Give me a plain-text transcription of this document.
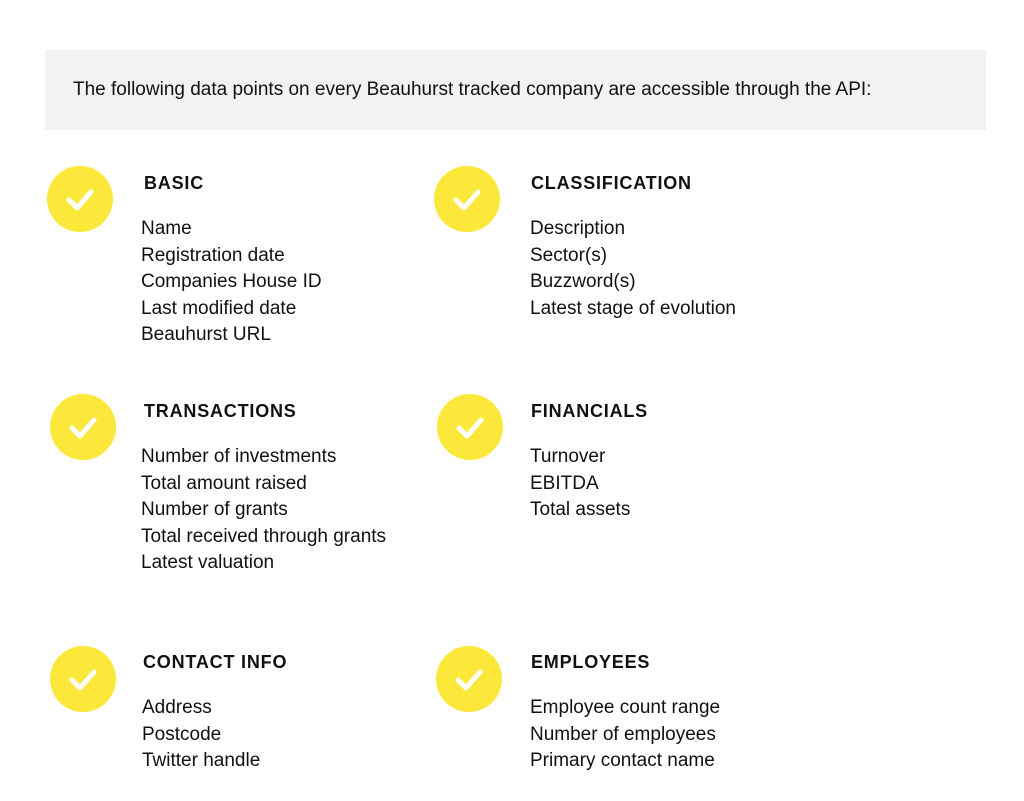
The following data points on every Beauhurst tracked company are accessible through the API:
BASIC
Name
Registration date
Companies House ID
Last modified date
Beauhurst URL
CLASSIFICATION
Description
Sector(s)
Buzzword(s)
Latest stage of evolution
TRANSACTIONS
Number of investments
Total amount raised
Number of grants
Total received through grants
Latest valuation
FINANCIALS
Turnover
EBITDA
Total assets
CONTACT INFO
Address
Postcode
Twitter handle
EMPLOYEES
Employee count range
Number of employees
Primary contact name
